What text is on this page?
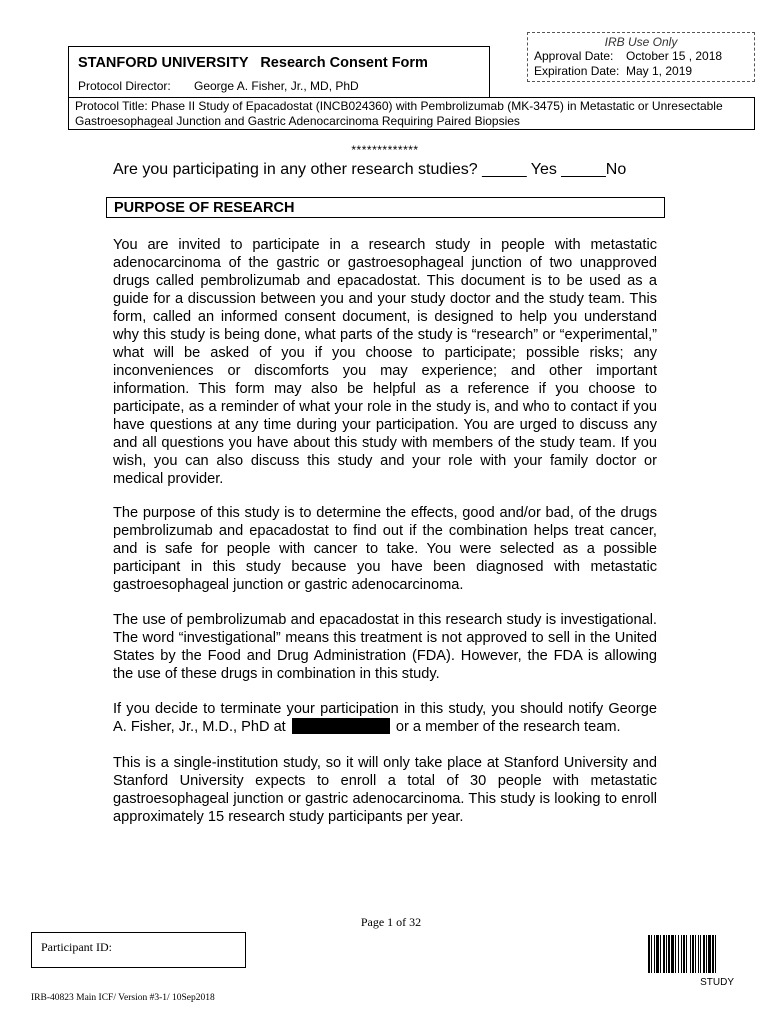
IRB Use Only
Approval Date: October 15 , 2018
Expiration Date: May 1, 2019
STANFORD UNIVERSITY   Research Consent Form
Protocol Director: George A. Fisher, Jr., MD, PhD
Protocol Title: Phase II Study of Epacadostat (INCB024360) with Pembrolizumab (MK-3475) in Metastatic or Unresectable Gastroesophageal Junction and Gastric Adenocarcinoma Requiring Paired Biopsies
*************
Are you participating in any other research studies? _____ Yes _____No
PURPOSE OF RESEARCH
You are invited to participate in a research study in people with metastatic adenocarcinoma of the gastric or gastroesophageal junction of two unapproved drugs called pembrolizumab and epacadostat. This document is to be used as a guide for a discussion between you and your study doctor and the study team. This form, called an informed consent document, is designed to help you understand why this study is being done, what parts of the study is “research” or “experimental,” what will be asked of you if you choose to participate; possible risks; any inconveniences or discomforts you may experience; and other important information. This form may also be helpful as a reference if you choose to participate, as a reminder of what your role in the study is, and who to contact if you have questions at any time during your participation. You are urged to discuss any and all questions you have about this study with members of the study team. If you wish, you can also discuss this study and your role with your family doctor or medical provider.
The purpose of this study is to determine the effects, good and/or bad, of the drugs pembrolizumab and epacadostat to find out if the combination helps treat cancer, and is safe for people with cancer to take. You were selected as a possible participant in this study because you have been diagnosed with metastatic gastroesophageal junction or gastric adenocarcinoma.
The use of pembrolizumab and epacadostat in this research study is investigational. The word “investigational” means this treatment is not approved to sell in the United States by the Food and Drug Administration (FDA). However, the FDA is allowing the use of these drugs in combination in this study.
If you decide to terminate your participation in this study, you should notify George A. Fisher, Jr., M.D., PhD at	or a member of the research team.
This is a single-institution study, so it will only take place at Stanford University and Stanford University expects to enroll a total of 30 people with metastatic gastroesophageal junction or gastric adenocarcinoma. This study is looking to enroll approximately 15 research study participants per year.
Page 1 of 32
Participant ID:
IRB-40823 Main ICF/ Version #3-1/ 10Sep2018
STUDY
